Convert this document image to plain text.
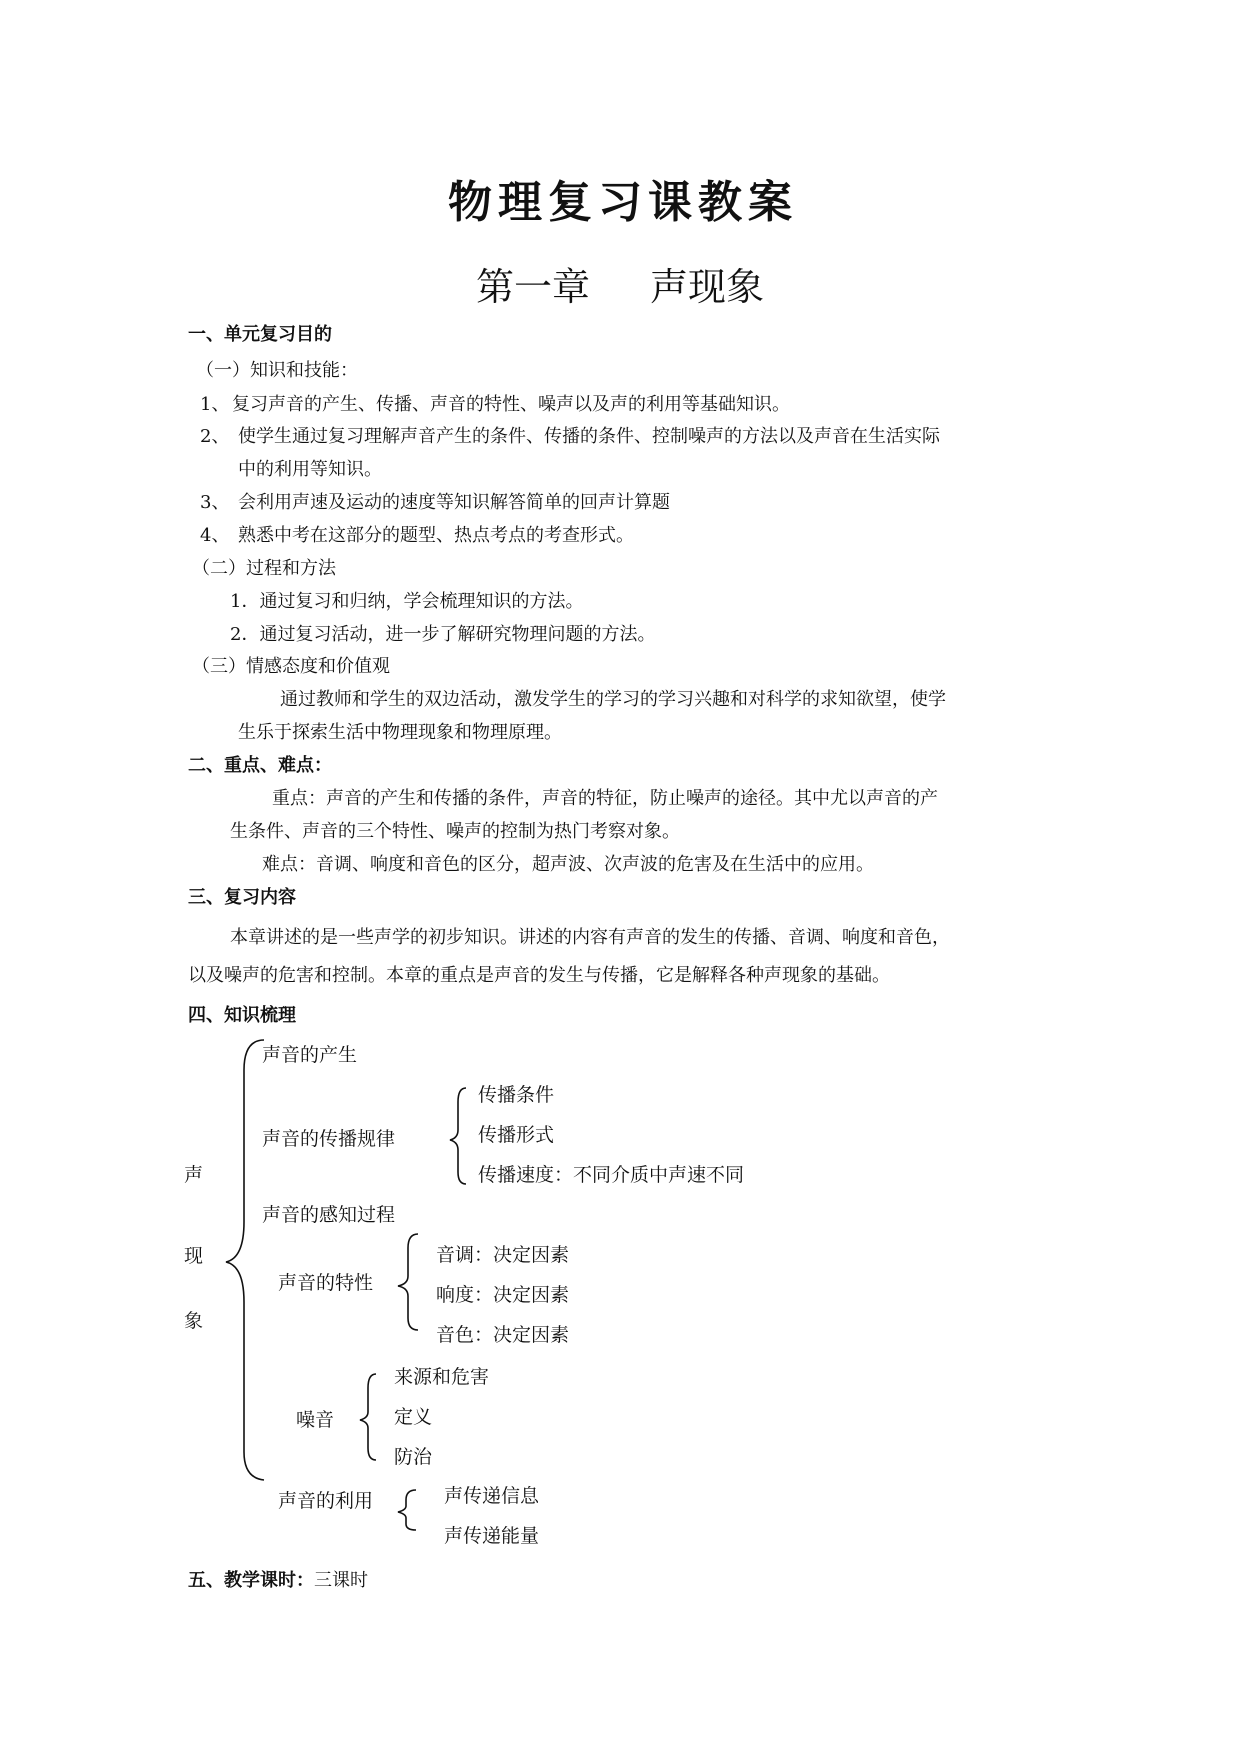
物理复习课教案
第一章 声现象
一、单元复习目的
（一）知识和技能：
1、 复习声音的产生、传播、声音的特性、噪声以及声的利用等基础知识。
2、 使学生通过复习理解声音产生的条件、传播的条件、控制噪声的方法以及声音在生活实际
中的利用等知识。
3、 会利用声速及运动的速度等知识解答简单的回声计算题
4、 熟悉中考在这部分的题型、热点考点的考查形式。
（二）过程和方法
1．通过复习和归纳，学会梳理知识的方法。
2．通过复习活动，进一步了解研究物理问题的方法。
（三）情感态度和价值观
通过教师和学生的双边活动，激发学生的学习的学习兴趣和对科学的求知欲望，使学
生乐于探索生活中物理现象和物理原理。
二、重点、难点：
重点：声音的产生和传播的条件，声音的特征，防止噪声的途径。其中尤以声音的产
生条件、声音的三个特性、噪声的控制为热门考察对象。
难点：音调、响度和音色的区分，超声波、次声波的危害及在生活中的应用。
三、复习内容
本章讲述的是一些声学的初步知识。讲述的内容有声音的发生的传播、音调、响度和音色，
以及噪声的危害和控制。本章的重点是声音的发生与传播，它是解释各种声现象的基础。
四、知识梳理
声
现
象
声音的产生
声音的传播规律
传播条件
传播形式
传播速度：不同介质中声速不同
声音的感知过程
声音的特性
音调：决定因素
响度：决定因素
音色：决定因素
噪音
来源和危害
定义
防治
声音的利用	声传递信息
声传递能量
五、教学课时：三课时
